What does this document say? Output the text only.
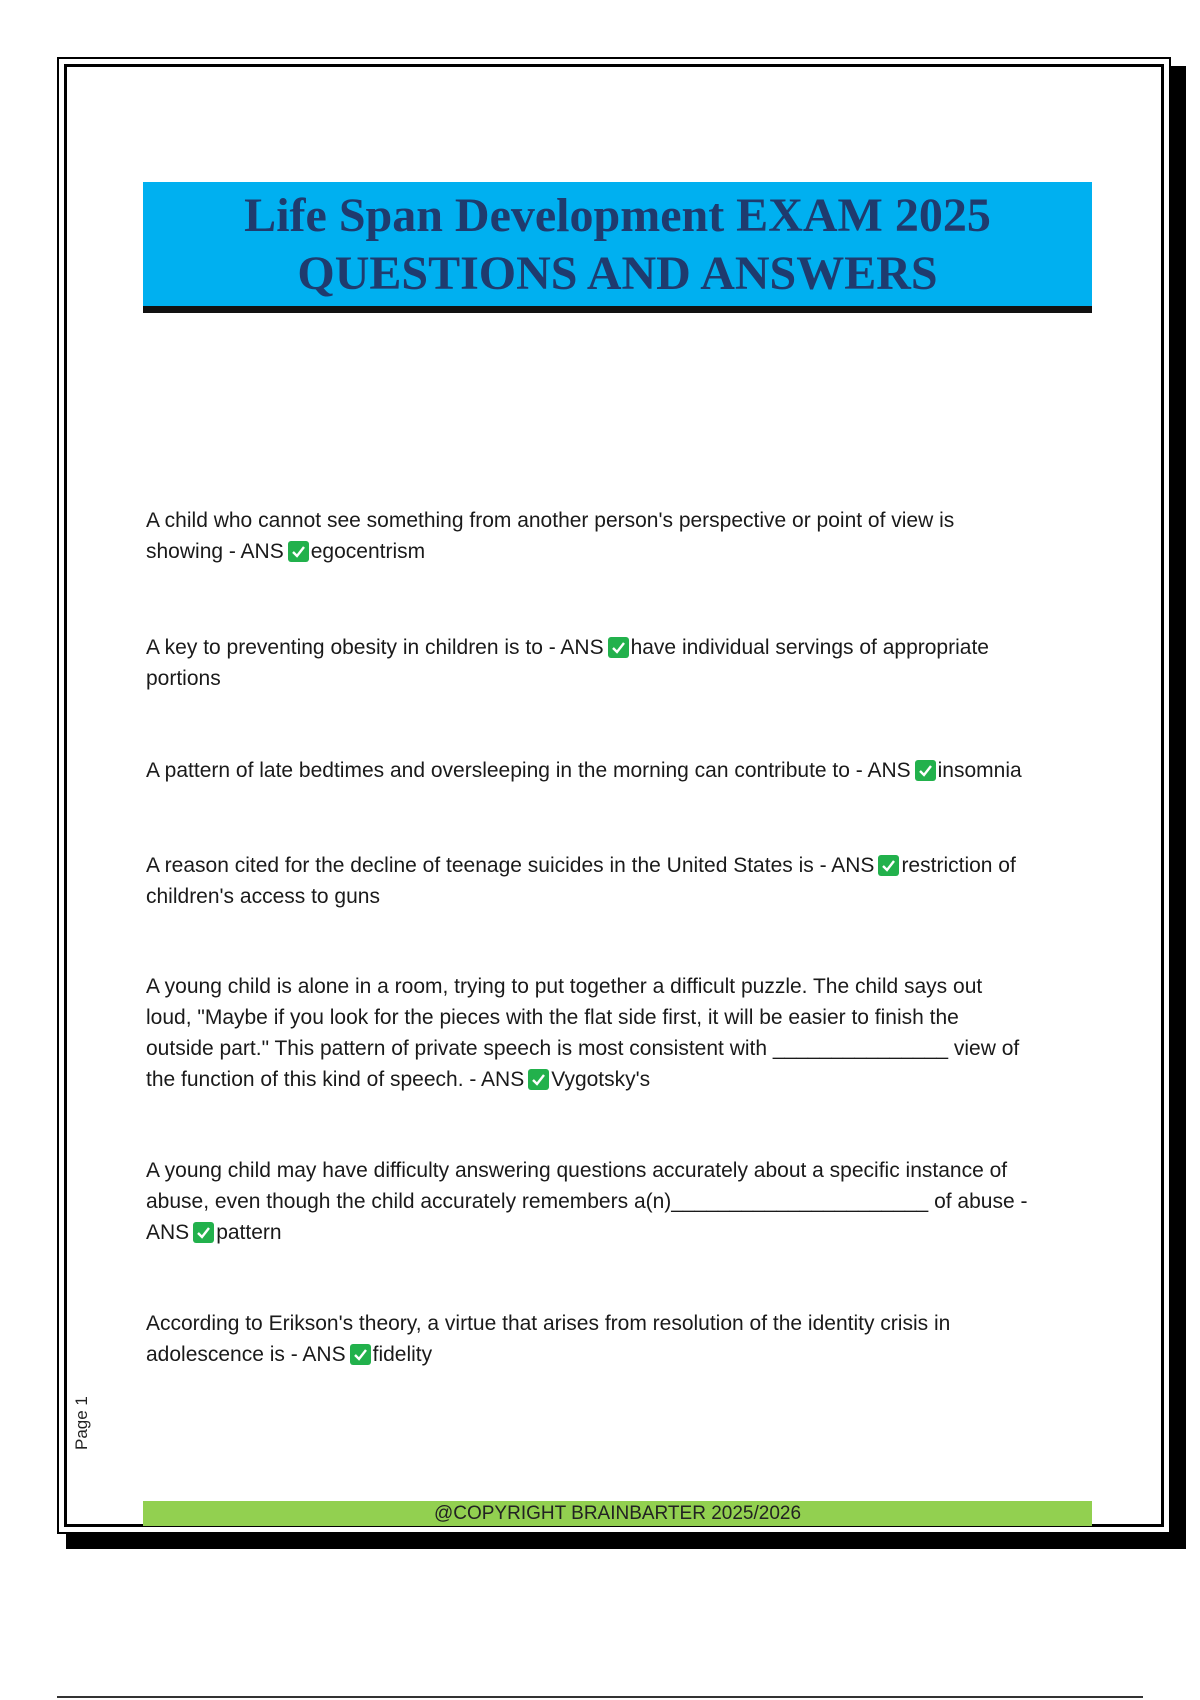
Life Span Development EXAM 2025

QUESTIONS AND ANSWERS

A child who cannot see something from another person's perspective or point of view is
showing - ANS egocentrism
A key to preventing obesity in children is to - ANS have individual servings of appropriate
portions
A pattern of late bedtimes and oversleeping in the morning can contribute to - ANS insomnia
A reason cited for the decline of teenage suicides in the United States is - ANS restriction of
children's access to guns
A young child is alone in a room, trying to put together a difficult puzzle. The child says out
loud, "Maybe if you look for the pieces with the flat side first, it will be easier to finish the
outside part." This pattern of private speech is most consistent with _______________ view of
the function of this kind of speech. - ANS Vygotsky's
A young child may have difficulty answering questions accurately about a specific instance of
abuse, even though the child accurately remembers a(n)______________________ of abuse -
ANS pattern
According to Erikson's theory, a virtue that arises from resolution of the identity crisis in
adolescence is - ANS fidelity
Page 1
@COPYRIGHT BRAINBARTER 2025/2026
